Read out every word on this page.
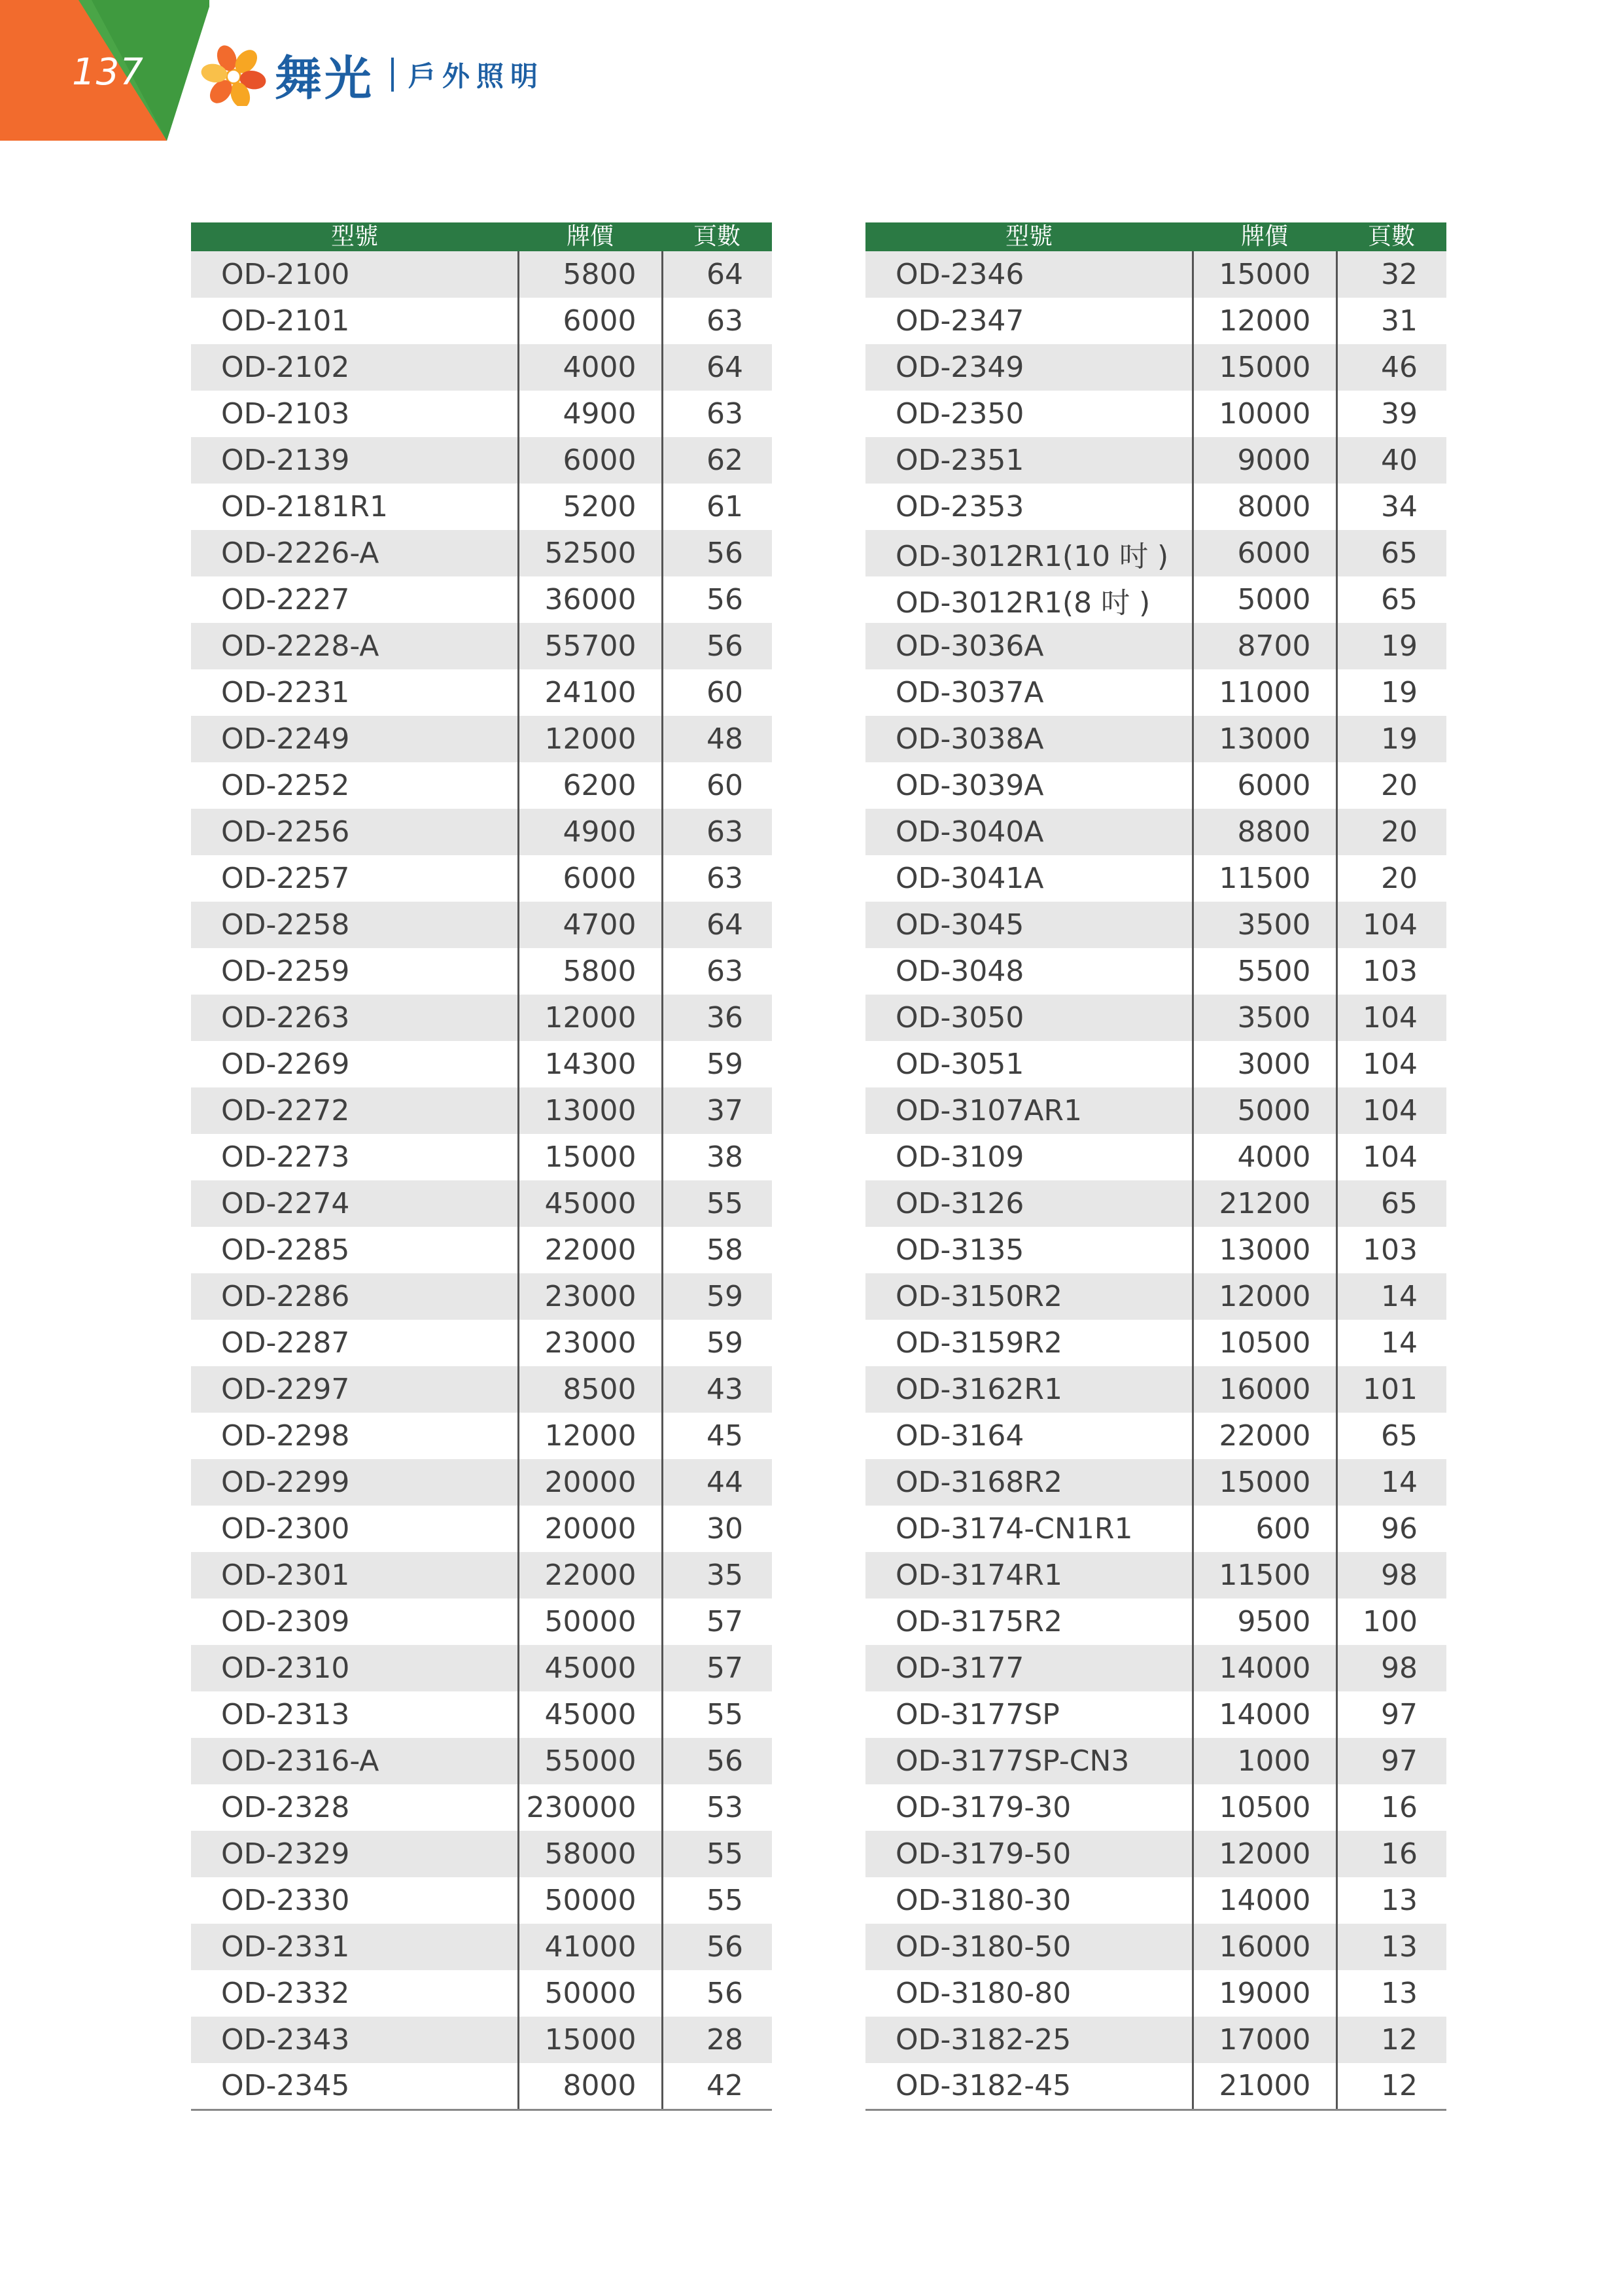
137	舞光 戶外照明
型號	牌價	頁數
OD-2100	5800	64
OD-2101	6000	63
OD-2102	4000	64
OD-2103	4900	63
OD-2139	6000	62
OD-2181R1	5200	61
OD-2226-A	52500	56
OD-2227	36000	56
OD-2228-A	55700	56
OD-2231	24100	60
OD-2249	12000	48
OD-2252	6200	60
OD-2256	4900	63
OD-2257	6000	63
OD-2258	4700	64
OD-2259	5800	63
OD-2263	12000	36
OD-2269	14300	59
OD-2272	13000	37
OD-2273	15000	38
OD-2274	45000	55
OD-2285	22000	58
OD-2286	23000	59
OD-2287	23000	59
OD-2297	8500	43
OD-2298	12000	45
OD-2299	20000	44
OD-2300	20000	30
OD-2301	22000	35
OD-2309	50000	57
OD-2310	45000	57
OD-2313	45000	55
OD-2316-A	55000	56
OD-2328	230000	53
OD-2329	58000	55
OD-2330	50000	55
OD-2331	41000	56
OD-2332	50000	56
OD-2343	15000	28
OD-2345	8000	42
型號	牌價	頁數
OD-2346	15000	32
OD-2347	12000	31
OD-2349	15000	46
OD-2350	10000	39
OD-2351	9000	40
OD-2353	8000	34
OD-3012R1(10 吋 )	6000	65
OD-3012R1(8 吋 )	5000	65
OD-3036A	8700	19
OD-3037A	11000	19
OD-3038A	13000	19
OD-3039A	6000	20
OD-3040A	8800	20
OD-3041A	11500	20
OD-3045	3500	104
OD-3048	5500	103
OD-3050	3500	104
OD-3051	3000	104
OD-3107AR1	5000	104
OD-3109	4000	104
OD-3126	21200	65
OD-3135	13000	103
OD-3150R2	12000	14
OD-3159R2	10500	14
OD-3162R1	16000	101
OD-3164	22000	65
OD-3168R2	15000	14
OD-3174-CN1R1	600	96
OD-3174R1	11500	98
OD-3175R2	9500	100
OD-3177	14000	98
OD-3177SP	14000	97
OD-3177SP-CN3	1000	97
OD-3179-30	10500	16
OD-3179-50	12000	16
OD-3180-30	14000	13
OD-3180-50	16000	13
OD-3180-80	19000	13
OD-3182-25	17000	12
OD-3182-45	21000	12
